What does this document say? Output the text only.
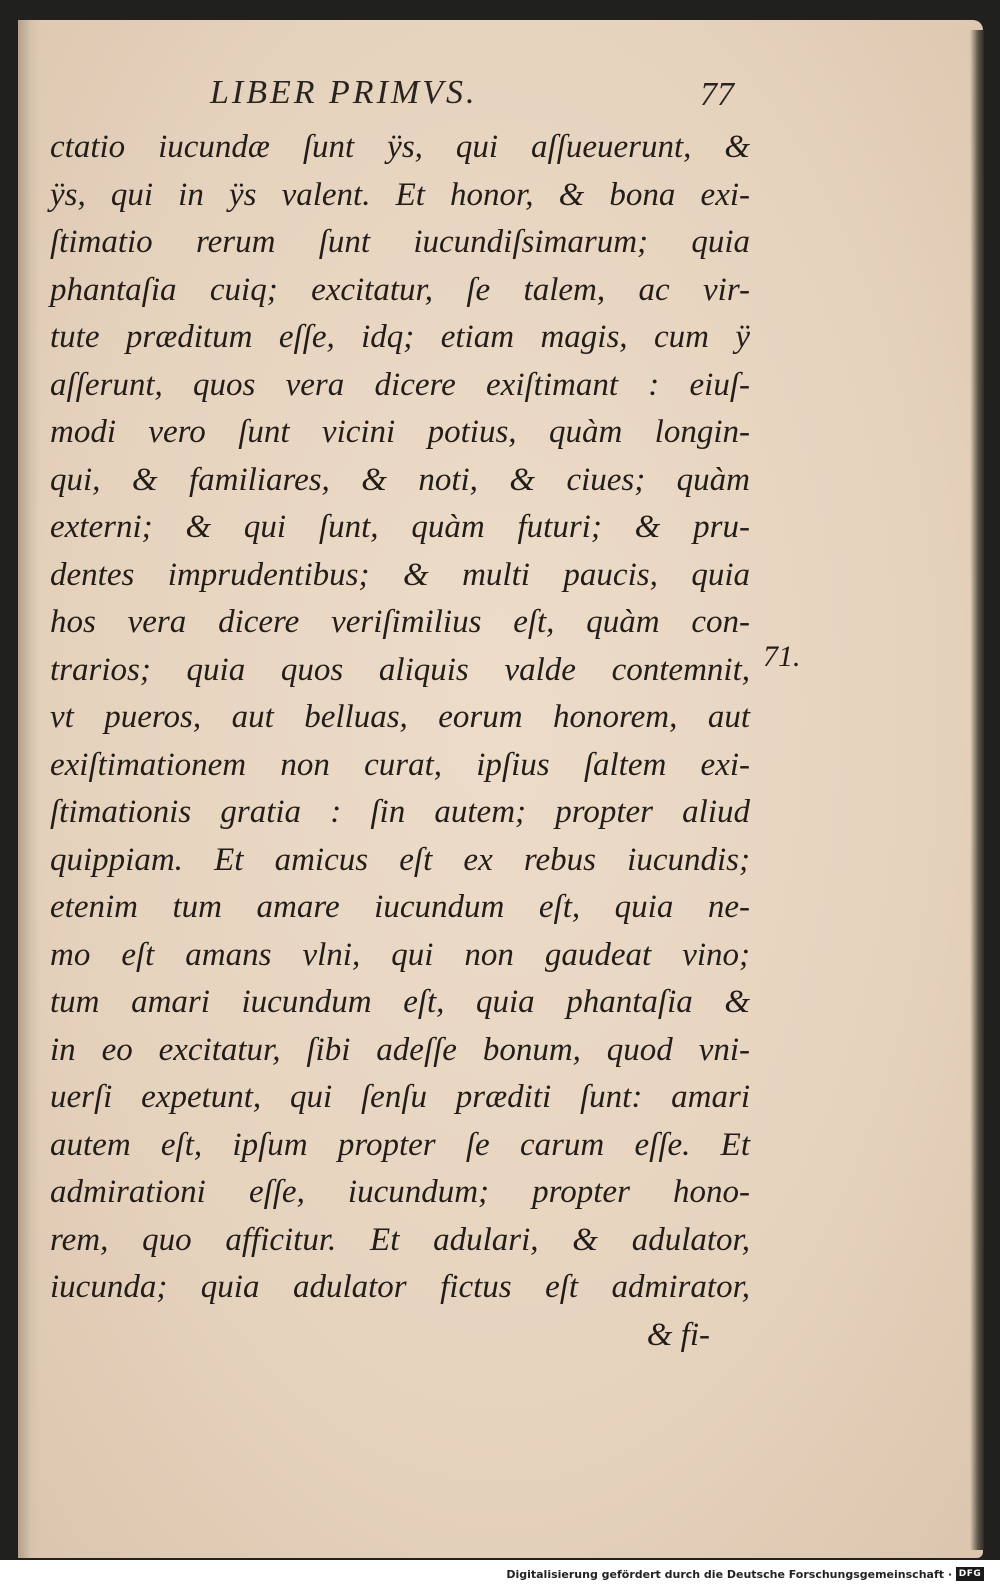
LIBER PRIMVS.	77
ctatio iucundæ ſunt ÿs, qui aſſueuerunt, &
ÿs, qui in ÿs valent. Et honor, & bona exi-
ſtimatio rerum ſunt iucundiſsimarum; quia
phantaſia cuiq; excitatur, ſe talem, ac vir-
tute præditum eſſe, idq; etiam magis, cum ÿ
aſſerunt, quos vera dicere exiſtimant : eiuſ-
modi vero ſunt vicini potius, quàm longin-
qui, & familiares, & noti, & ciues; quàm
externi; & qui ſunt, quàm futuri; & pru-
dentes imprudentibus; & multi paucis, quia
hos vera dicere veriſimilius eſt, quàm con-
trarios; quia quos aliquis valde contemnit,
vt pueros, aut belluas, eorum honorem, aut
exiſtimationem non curat, ipſius ſaltem exi-
ſtimationis gratia : ſin autem; propter aliud
quippiam. Et amicus eſt ex rebus iucundis;
etenim tum amare iucundum eſt, quia ne-
mo eſt amans vlni, qui non gaudeat vino;
tum amari iucundum eſt, quia phantaſia &
in eo excitatur, ſibi adeſſe bonum, quod vni-
uerſi expetunt, qui ſenſu præditi ſunt: amari
autem eſt, ipſum propter ſe carum eſſe. Et
admirationi eſſe, iucundum; propter hono-
rem, quo afficitur. Et adulari, & adulator,
iucunda; quia adulator fictus eſt admirator,
& fi-
71.
Digitalisierung gefördert durch die Deutsche Forschungsgemeinschaft · DFG
